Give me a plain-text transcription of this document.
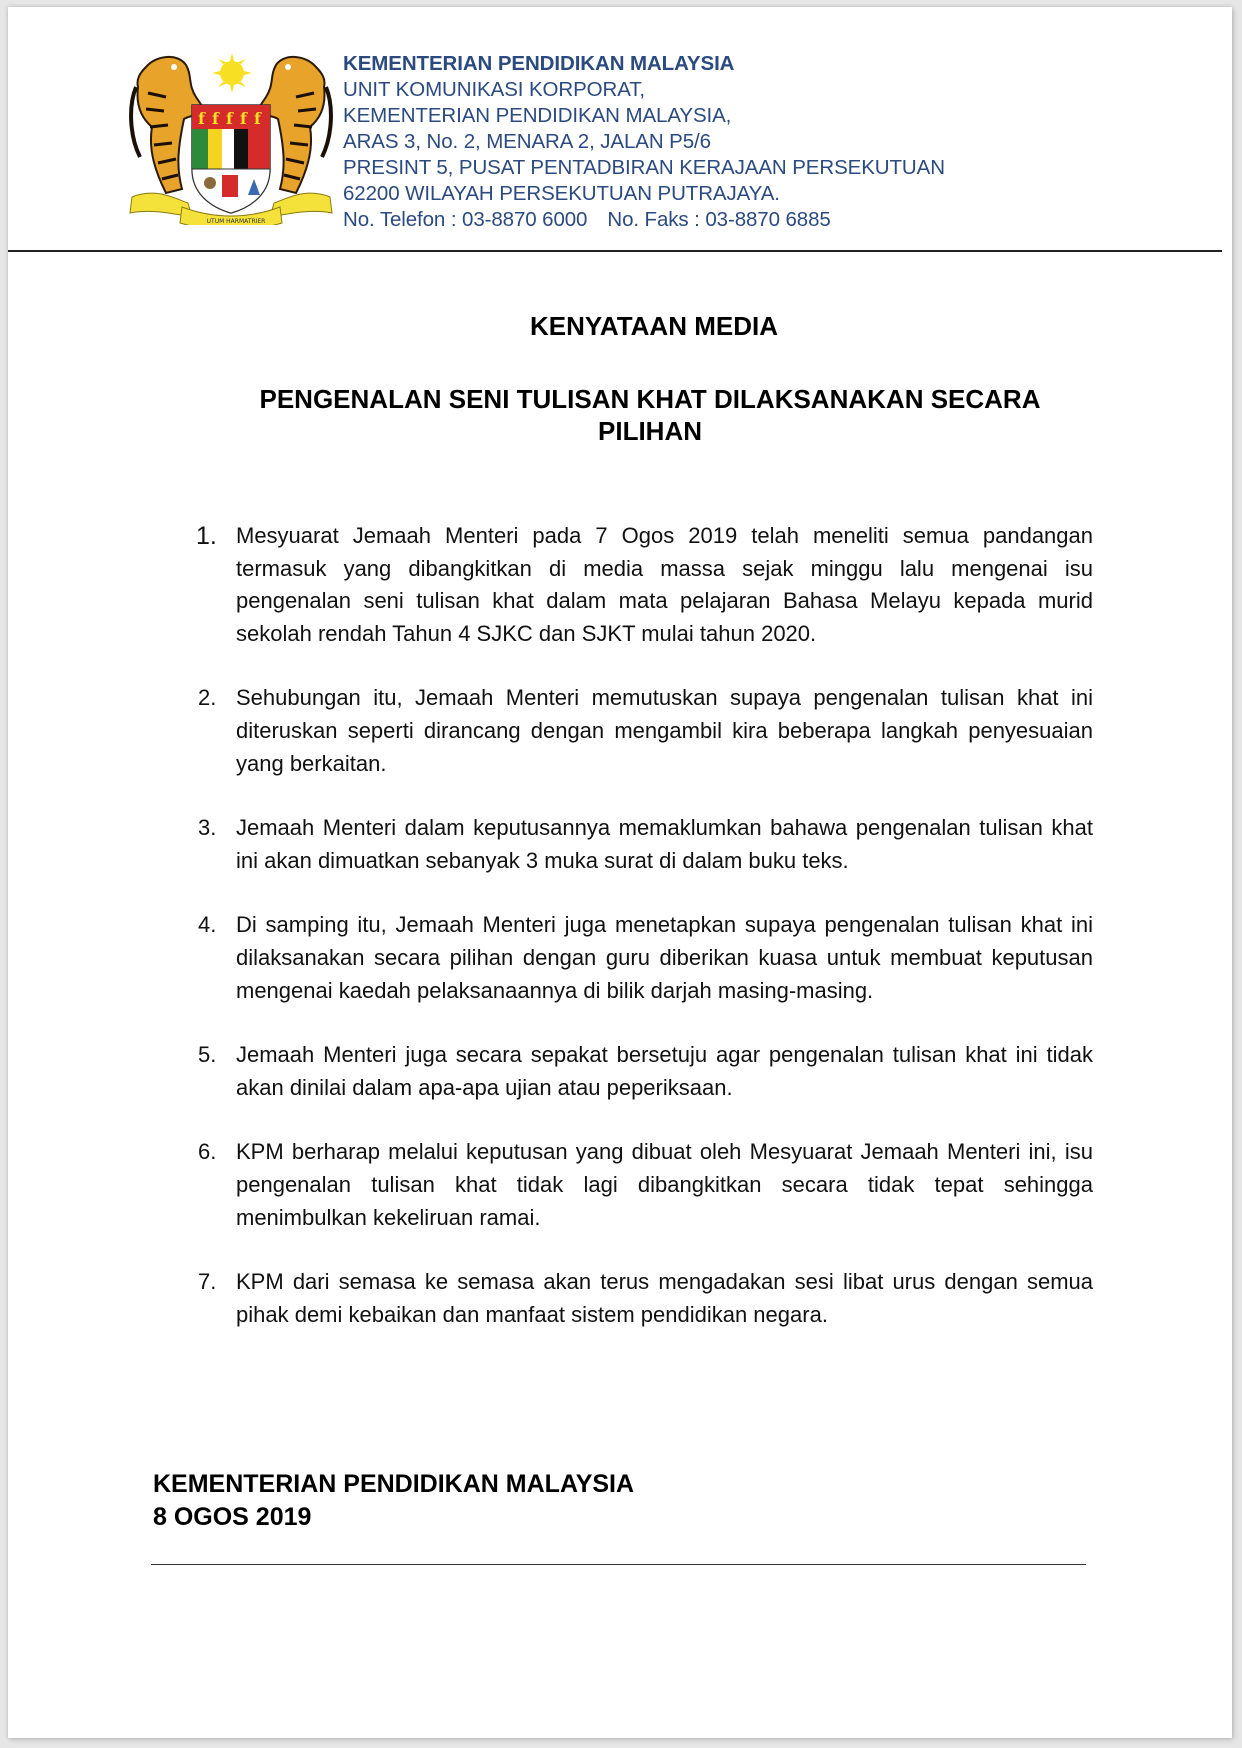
f f f f f
UTUM HARMATRIER
KEMENTERIAN PENDIDIKAN MALAYSIA
UNIT KOMUNIKASI KORPORAT,
KEMENTERIAN PENDIDIKAN MALAYSIA,
ARAS 3, No. 2, MENARA 2, JALAN P5/6
PRESINT 5, PUSAT PENTADBIRAN KERAJAAN PERSEKUTUAN
62200 WILAYAH PERSEKUTUAN PUTRAJAYA.
No. Telefon : 03-8870 6000 No. Faks : 03-8870 6885
KENYATAAN MEDIA
PENGENALAN SENI TULISAN KHAT DILAKSANAKAN SECARA
PILIHAN
1. Mesyuarat Jemaah Menteri pada 7 Ogos 2019 telah meneliti semua pandangan termasuk yang dibangkitkan di media massa sejak minggu lalu mengenai isu pengenalan seni tulisan khat dalam mata pelajaran Bahasa Melayu kepada murid sekolah rendah Tahun 4 SJKC dan SJKT mulai tahun 2020.
2. Sehubungan itu, Jemaah Menteri memutuskan supaya pengenalan tulisan khat ini diteruskan seperti dirancang dengan mengambil kira beberapa langkah penyesuaian yang berkaitan.
3. Jemaah Menteri dalam keputusannya memaklumkan bahawa pengenalan tulisan khat ini akan dimuatkan sebanyak 3 muka surat di dalam buku teks.
4. Di samping itu, Jemaah Menteri juga menetapkan supaya pengenalan tulisan khat ini dilaksanakan secara pilihan dengan guru diberikan kuasa untuk membuat keputusan mengenai kaedah pelaksanaannya di bilik darjah masing-masing.
5. Jemaah Menteri juga secara sepakat bersetuju agar pengenalan tulisan khat ini tidak akan dinilai dalam apa-apa ujian atau peperiksaan.
6. KPM berharap melalui keputusan yang dibuat oleh Mesyuarat Jemaah Menteri ini, isu pengenalan tulisan khat tidak lagi dibangkitkan secara tidak tepat sehingga menimbulkan kekeliruan ramai.
7. KPM dari semasa ke semasa akan terus mengadakan sesi libat urus dengan semua pihak demi kebaikan dan manfaat sistem pendidikan negara.
KEMENTERIAN PENDIDIKAN MALAYSIA
8 OGOS 2019
